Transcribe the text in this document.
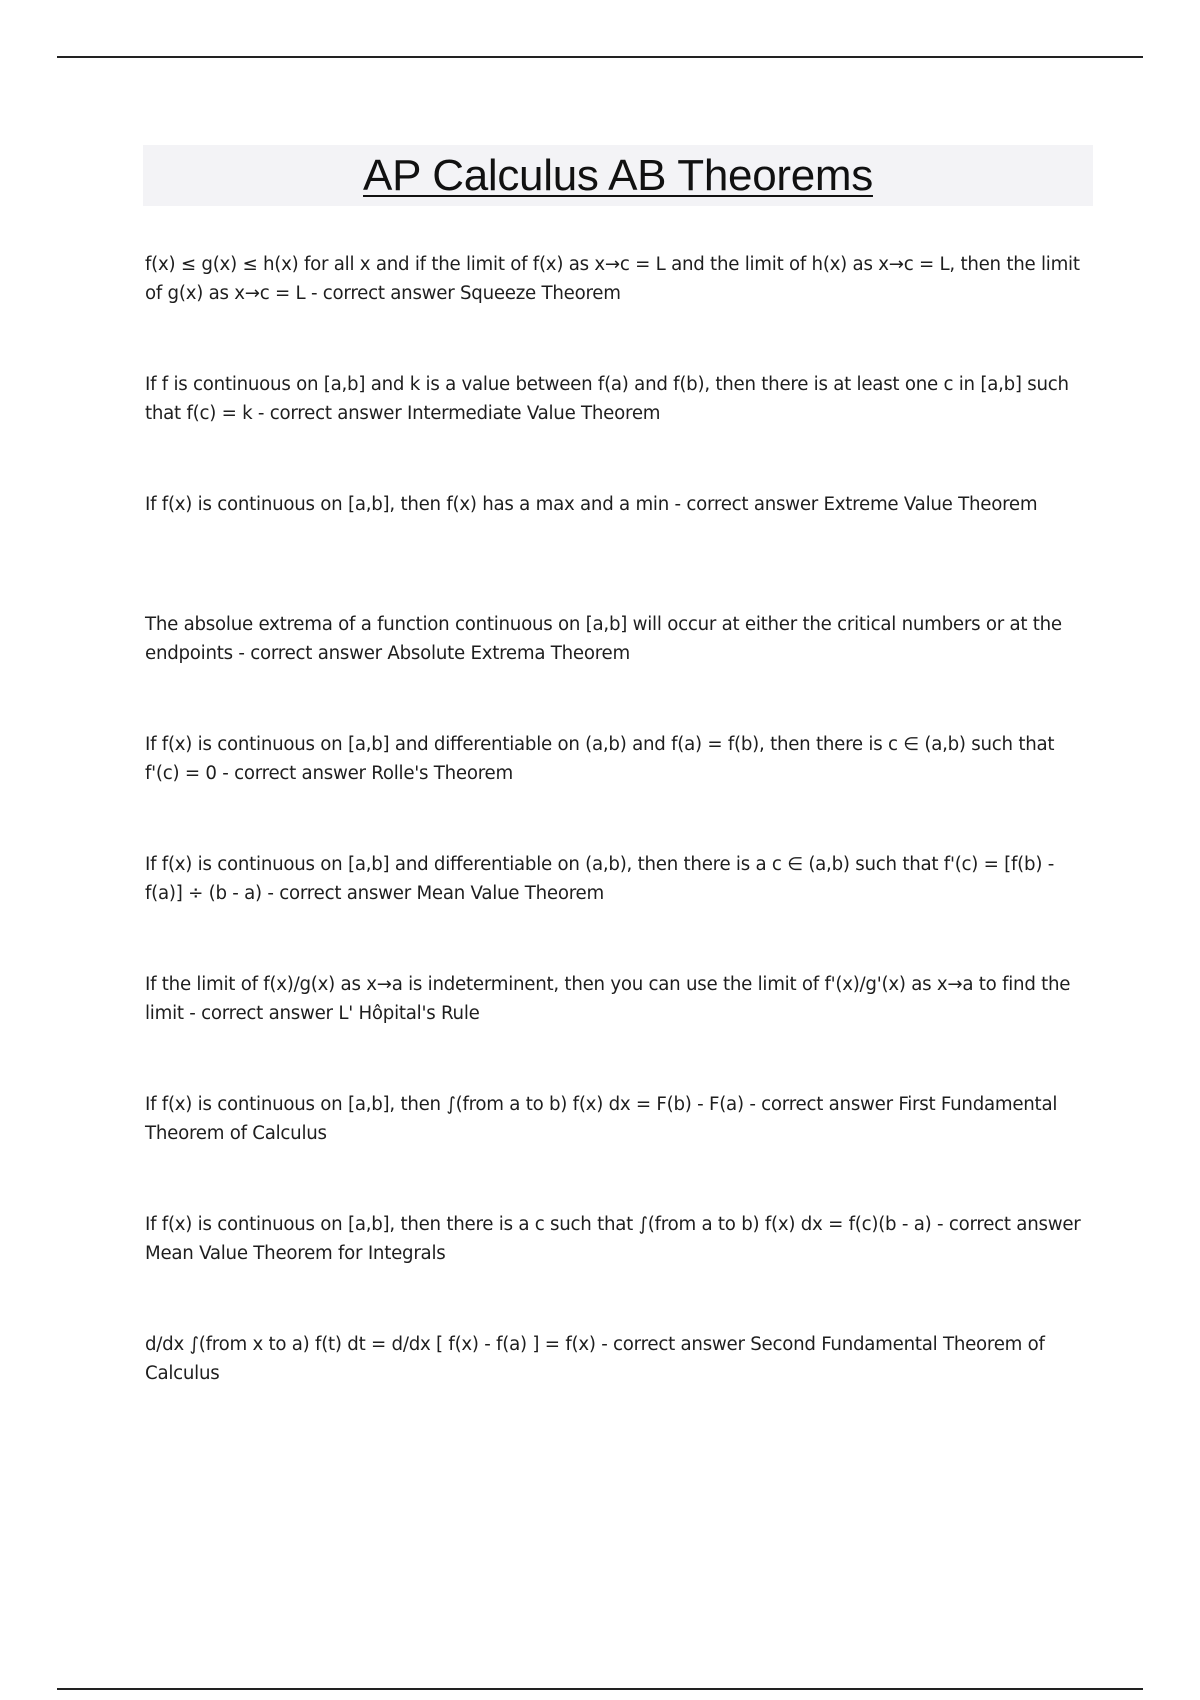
AP Calculus AB Theorems
f(x) ≤ g(x) ≤ h(x) for all x and if the limit of f(x) as x→c = L and the limit of h(x) as x→c = L, then the limit of g(x) as x→c = L - correct answer Squeeze Theorem
If f is continuous on [a,b] and k is a value between f(a) and f(b), then there is at least one c in [a,b] such that f(c) = k - correct answer Intermediate Value Theorem
If f(x) is continuous on [a,b], then f(x) has a max and a min - correct answer Extreme Value Theorem
The absolue extrema of a function continuous on [a,b] will occur at either the critical numbers or at the endpoints - correct answer Absolute Extrema Theorem
If f(x) is continuous on [a,b] and differentiable on (a,b) and f(a) = f(b), then there is c ∈ (a,b) such that f'(c) = 0 - correct answer Rolle's Theorem
If f(x) is continuous on [a,b] and differentiable on (a,b), then there is a c ∈ (a,b) such that f'(c) = [f(b) - f(a)] ÷ (b - a) - correct answer Mean Value Theorem
If the limit of f(x)/g(x) as x→a is indeterminent, then you can use the limit of f'(x)/g'(x) as x→a to find the limit - correct answer L' Hôpital's Rule
If f(x) is continuous on [a,b], then ∫(from a to b) f(x) dx = F(b) - F(a) - correct answer First Fundamental Theorem of Calculus
If f(x) is continuous on [a,b], then there is a c such that ∫(from a to b) f(x) dx = f(c)(b - a) - correct answer Mean Value Theorem for Integrals
d/dx ∫(from x to a) f(t) dt = d/dx [ f(x) - f(a) ] = f(x) - correct answer Second Fundamental Theorem of Calculus
